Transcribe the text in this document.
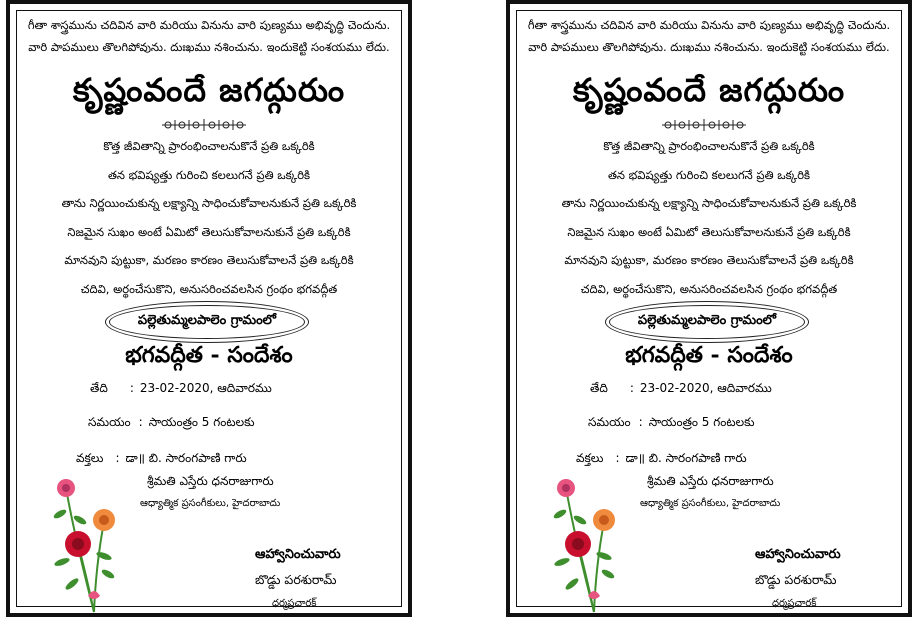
గీతా శాస్త్రమును చదివిన వారి మరియు వినును వారి పుణ్యము అభివృద్ధి చెందును.
వారి పాపములు తొలగిపోవును. దుఃఖము నశించును. ఇందుకెట్టి సంశయము లేదు.
కృష్ణంవందే జగద్గురుం
కొత్త జీవితాన్ని ప్రారంభించాలనుకొనే ప్రతి ఒక్కరికి
తన భవిష్యత్తు గురించి కలలుగనే ప్రతి ఒక్కరికి
తాను నిర్ణయించుకున్న లక్ష్యాన్ని సాధించుకోవాలనుకునే ప్రతి ఒక్కరికి
నిజమైన సుఖం అంటే ఏమిటో తెలుసుకోవాలనుకునే ప్రతి ఒక్కరికి
మానవుని పుట్టుకా, మరణం కారణం తెలుసుకోవాలనే ప్రతి ఒక్కరికి
చదివి, అర్థంచేసుకొని, అనుసరించవలసిన గ్రంథం భగవద్గీత
పల్లెతుమ్మలపాలెం గ్రామంలో
భగవద్గీత - సందేశం
తేది : 23-02-2020, ఆదివారము
సమయం : సాయంత్రం 5 గంటలకు
వక్తలు : డా॥ బి. సారంగపాణి గారు
శ్రీమతి ఎస్తేరు ధనరాజుగారు
ఆధ్యాత్మిక ప్రసంగీకులు, హైదరాబాదు
ఆహ్వానించువారు
బొడ్డు పరశురామ్
ధర్మప్రచారక్
గీతా శాస్త్రమును చదివిన వారి మరియు వినును వారి పుణ్యము అభివృద్ధి చెందును.
వారి పాపములు తొలగిపోవును. దుఃఖము నశించును. ఇందుకెట్టి సంశయము లేదు.
కృష్ణంవందే జగద్గురుం
కొత్త జీవితాన్ని ప్రారంభించాలనుకొనే ప్రతి ఒక్కరికి
తన భవిష్యత్తు గురించి కలలుగనే ప్రతి ఒక్కరికి
తాను నిర్ణయించుకున్న లక్ష్యాన్ని సాధించుకోవాలనుకునే ప్రతి ఒక్కరికి
నిజమైన సుఖం అంటే ఏమిటో తెలుసుకోవాలనుకునే ప్రతి ఒక్కరికి
మానవుని పుట్టుకా, మరణం కారణం తెలుసుకోవాలనే ప్రతి ఒక్కరికి
చదివి, అర్థంచేసుకొని, అనుసరించవలసిన గ్రంథం భగవద్గీత
పల్లెతుమ్మలపాలెం గ్రామంలో
భగవద్గీత - సందేశం
తేది : 23-02-2020, ఆదివారము
సమయం : సాయంత్రం 5 గంటలకు
వక్తలు : డా॥ బి. సారంగపాణి గారు
శ్రీమతి ఎస్తేరు ధనరాజుగారు
ఆధ్యాత్మిక ప్రసంగీకులు, హైదరాబాదు
ఆహ్వానించువారు
బొడ్డు పరశురామ్
ధర్మప్రచారక్
